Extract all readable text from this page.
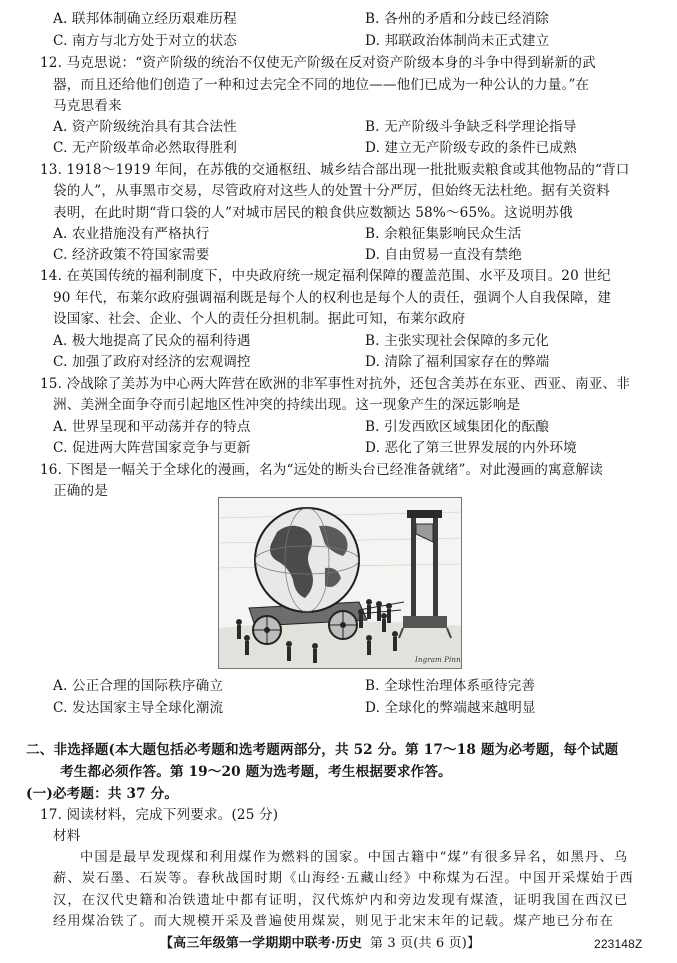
A. 联邦体制确立经历艰难历程	B. 各州的矛盾和分歧已经消除
C. 南方与北方处于对立的状态	D. 邦联政治体制尚未正式建立
12. 马克思说：“资产阶级的统治不仅使无产阶级在反对资产阶级本身的斗争中得到崭新的武
器，而且还给他们创造了一种和过去完全不同的地位——他们已成为一种公认的力量。”在
马克思看来
A. 资产阶级统治具有其合法性	B. 无产阶级斗争缺乏科学理论指导
C. 无产阶级革命必然取得胜利	D. 建立无产阶级专政的条件已成熟
13. 1918～1919 年间，在苏俄的交通枢纽、城乡结合部出现一批批贩卖粮食或其他物品的“背口
袋的人”，从事黑市交易，尽管政府对这些人的处置十分严厉，但始终无法杜绝。据有关资料
表明，在此时期“背口袋的人”对城市居民的粮食供应数额达 58%～65%。这说明苏俄
A. 农业措施没有严格执行	B. 余粮征集影响民众生活
C. 经济政策不符国家需要	D. 自由贸易一直没有禁绝
14. 在英国传统的福利制度下，中央政府统一规定福利保障的覆盖范围、水平及项目。20 世纪
90 年代，布莱尔政府强调福利既是每个人的权利也是每个人的责任，强调个人自我保障，建
设国家、社会、企业、个人的责任分担机制。据此可知，布莱尔政府
A. 极大地提高了民众的福利待遇	B. 主张实现社会保障的多元化
C. 加强了政府对经济的宏观调控	D. 清除了福利国家存在的弊端
15. 冷战除了美苏为中心两大阵营在欧洲的非军事性对抗外，还包含美苏在东亚、西亚、南亚、非
洲、美洲全面争夺而引起地区性冲突的持续出现。这一现象产生的深远影响是
A. 世界呈现和平动荡并存的特点	B. 引发西欧区域集团化的酝酿
C. 促进两大阵营国家竞争与更新	D. 恶化了第三世界发展的内外环境
16. 下图是一幅关于全球化的漫画，名为“远处的断头台已经准备就绪”。对此漫画的寓意解读
正确的是
Ingram Pinn
A. 公正合理的国际秩序确立	B. 全球性治理体系亟待完善
C. 发达国家主导全球化潮流	D. 全球化的弊端越来越明显
二、非选择题(本大题包括必考题和选考题两部分，共 52 分。第 17～18 题为必考题，每个试题
考生都必须作答。第 19～20 题为选考题，考生根据要求作答。
(一)必考题：共 37 分。
17. 阅读材料，完成下列要求。(25 分)
材料
中国是最早发现煤和利用煤作为燃料的国家。中国古籍中“煤”有很多异名，如黑丹、乌
薪、炭石墨、石炭等。春秋战国时期《山海经·五藏山经》中称煤为石涅。中国开采煤始于西
汉，在汉代史籍和冶铁遗址中都有证明，汉代炼炉内和旁边发现有煤渣，证明我国在西汉已
经用煤冶铁了。而大规模开采及普遍使用煤炭，则见于北宋末年的记载。煤产地已分布在
【高三年级第一学期期中联考·历史 第 3 页(共 6 页)】	223148Z
